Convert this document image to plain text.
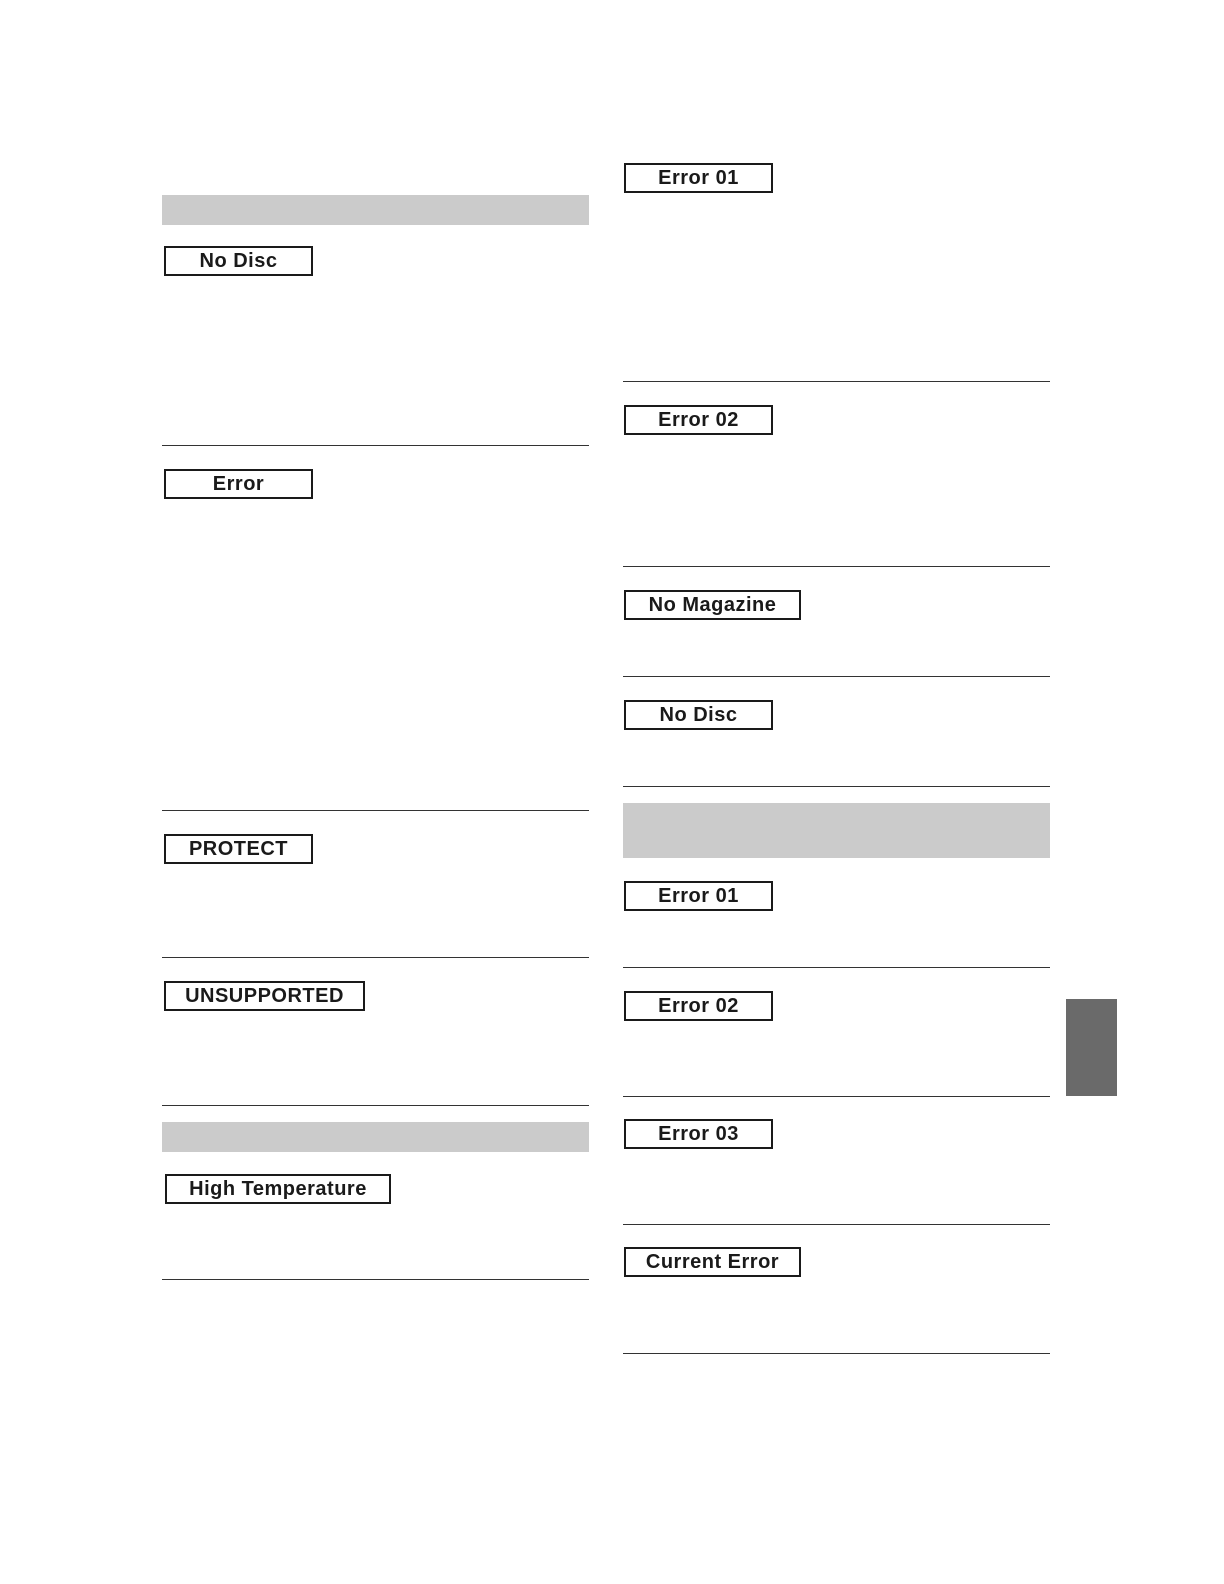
No Disc
Error
PROTECT
UNSUPPORTED
High Temperature
Error 01
Error 02
No Magazine
No Disc
Error 01
Error 02
Error 03
Current Error
